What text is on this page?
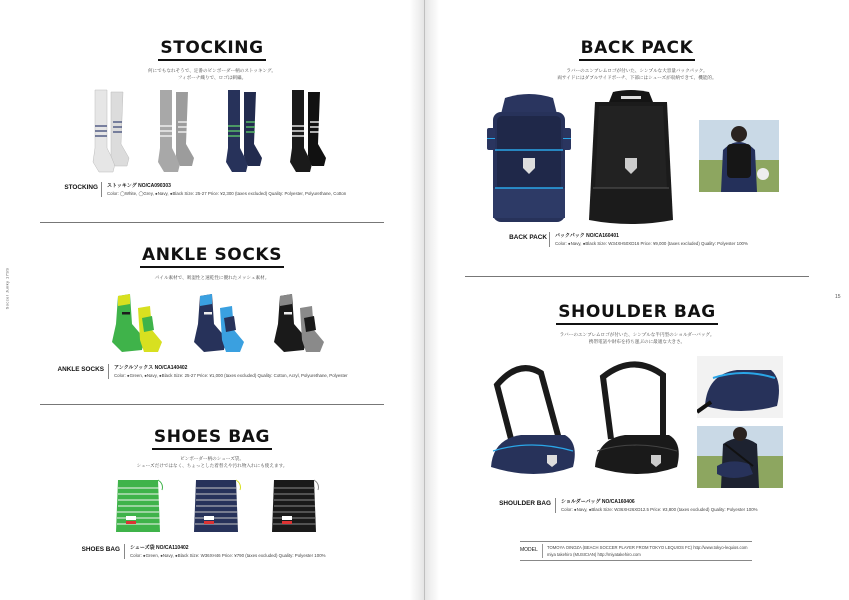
Soccer Junky 17SS
STOCKING
何にでもなれそうで、定番のビンボーダー柄のストッキング。
フィボーナ織りで、ロゴは刺繍。
STOCKING ストッキング NO/CA090303
Color: ◯White, ◯Grey, ●Navy, ●Black Size: 25-27 Price: ¥2,300 (taxes excluded) Quality: Polyester, Polyurethane, Cotton
ANKLE SOCKS
パイル素材で、吸湿性と速乾性に優れたメッシュ素材。
ANKLE SOCKS アンクルソックス NO/CA140402
Color: ●Green, ●Navy, ●Black Size: 25-27 Price: ¥1,000 (taxes excluded) Quality: Cotton, Acryl, Polyurethane, Polyester
SHOES BAG
ビンボーダー柄のシューズ袋。
シューズだけではなく、ちょっとした着替えや汚れ物入れにも使えます。
SHOES BAG シューズ袋 NO/CA110402
Color: ●Green, ●Navy, ●Black Size: W36XH46 Price: ¥790 (taxes excluded) Quality: Polyester 100%
15
BACK PACK
ラバーのエンブレムロゴが付いた、シンプルな大容量バックパック。
両サイドにはダブルサイドポーチ、下部にはシューズが収納できて、機能的。
BACK PACK バックパック NO/CA160401
Color: ●Navy, ●Black Size: W34XH50XD16 Price: ¥9,000 (taxes excluded) Quality: Polyester 100%
SHOULDER BAG
ラバーのエンブレムロゴが付いた、シンプルな半円型のショルダーバッグ。
携帯電話や財布を持ち運ぶのに最適な大きさ。
SHOULDER BAG ショルダーバッグ NO/CA160406
Color: ●Navy, ●Black Size: W36XH26XD12.5 Price: ¥3,800 (taxes excluded) Quality: Polyester 100%
MODEL TOMOYA OINOZA (BEACH SOCCER PLAYER FROM TOKYO LEQUIOS FC) http://www.tokyo-lequios.com
miya takehiro (MUSICIAN) http://miyatakehiro.com
